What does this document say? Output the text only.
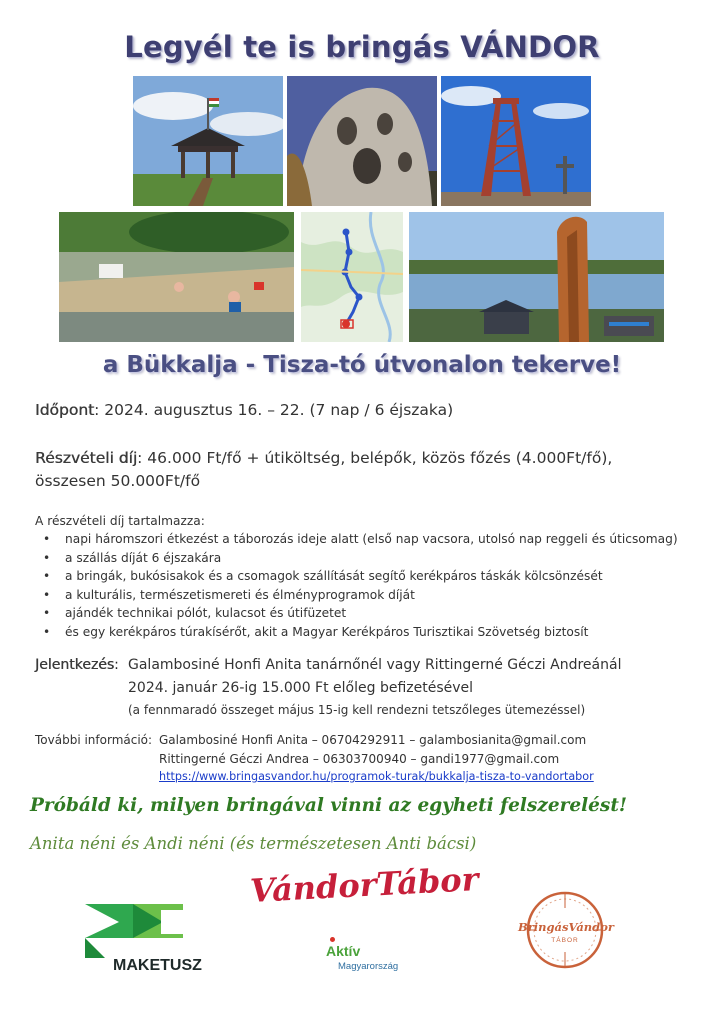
Legyél te is bringás VÁNDOR
a Bükkalja - Tisza-tó útvonalon tekerve!
Időpont: 2024. augusztus 16. – 22. (7 nap / 6 éjszaka)
Részvételi díj: 46.000 Ft/fő + útiköltség, belépők, közös főzés (4.000Ft/fő),
összesen 50.000Ft/fő
A részvételi díj tartalmazza:
• napi háromszori étkezést a táborozás ideje alatt (első nap vacsora, utolsó nap reggeli és úticsomag)
• a szállás díját 6 éjszakára
• a bringák, bukósisakok és a csomagok szállítását segítő kerékpáros táskák kölcsönzését
• a kulturális, természetismereti és élményprogramok díját
• ajándék technikai pólót, kulacsot és útifüzetet
• és egy kerékpáros túrakísérőt, akit a Magyar Kerékpáros Turisztikai Szövetség biztosít
Jelentkezés: Galambosiné Honfi Anita tanárnőnél vagy Rittingerné Géczi Andreánál
2024. január 26-ig 15.000 Ft előleg befizetésével
(a fennmaradó összeget május 15-ig kell rendezni tetszőleges ütemezéssel)
További információ: Galambosiné Honfi Anita – 06704292911 – galambosianita@gmail.com
Rittingerné Géczi Andrea – 06303700940 – gandi1977@gmail.com
https://www.bringasvandor.hu/programok-turak/bukkalja-tisza-to-vandortabor
Próbáld ki, milyen bringával vinni az egyheti felszerelést!
Anita néni és Andi néni (és természetesen Anti bácsi)
MAKETUSZ
VándorTábor
Aktív
Magyarország
BringásVándor
TÁBOR
